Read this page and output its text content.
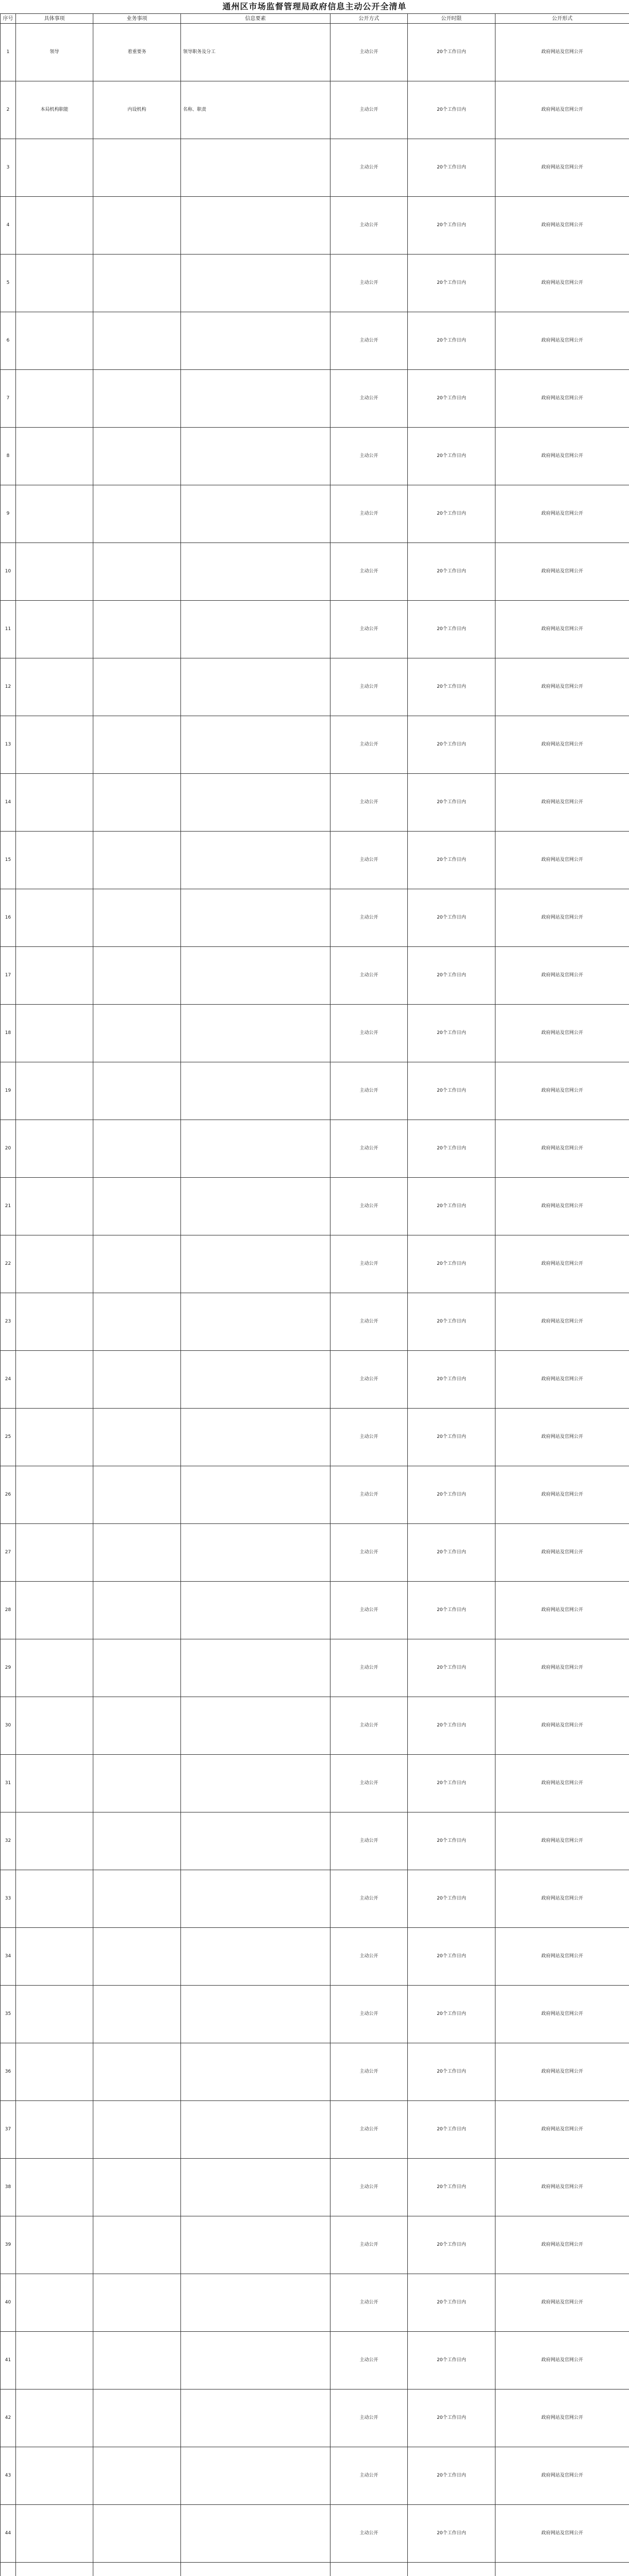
通州区市场监督管理局政府信息主动公开全清单
序号	具体事项	业务事项	信息要素	公开方式	公开时限	公开形式
1	领导	着重要务	领导职务及分工	主动公开	20个工作日内	政府网站及官网公开
2	本局机构职能	内设机构	名称、职责	主动公开	20个工作日内	政府网站及官网公开
3				主动公开	20个工作日内	政府网站及官网公开
4				主动公开	20个工作日内	政府网站及官网公开
5				主动公开	20个工作日内	政府网站及官网公开
6				主动公开	20个工作日内	政府网站及官网公开
7				主动公开	20个工作日内	政府网站及官网公开
8				主动公开	20个工作日内	政府网站及官网公开
9				主动公开	20个工作日内	政府网站及官网公开
10				主动公开	20个工作日内	政府网站及官网公开
11				主动公开	20个工作日内	政府网站及官网公开
12				主动公开	20个工作日内	政府网站及官网公开
13				主动公开	20个工作日内	政府网站及官网公开
14				主动公开	20个工作日内	政府网站及官网公开
15				主动公开	20个工作日内	政府网站及官网公开
16				主动公开	20个工作日内	政府网站及官网公开
17				主动公开	20个工作日内	政府网站及官网公开
18				主动公开	20个工作日内	政府网站及官网公开
19				主动公开	20个工作日内	政府网站及官网公开
20				主动公开	20个工作日内	政府网站及官网公开
21				主动公开	20个工作日内	政府网站及官网公开
22				主动公开	20个工作日内	政府网站及官网公开
23				主动公开	20个工作日内	政府网站及官网公开
24				主动公开	20个工作日内	政府网站及官网公开
25				主动公开	20个工作日内	政府网站及官网公开
26				主动公开	20个工作日内	政府网站及官网公开
27				主动公开	20个工作日内	政府网站及官网公开
28				主动公开	20个工作日内	政府网站及官网公开
29				主动公开	20个工作日内	政府网站及官网公开
30				主动公开	20个工作日内	政府网站及官网公开
31				主动公开	20个工作日内	政府网站及官网公开
32				主动公开	20个工作日内	政府网站及官网公开
33				主动公开	20个工作日内	政府网站及官网公开
34				主动公开	20个工作日内	政府网站及官网公开
35				主动公开	20个工作日内	政府网站及官网公开
36				主动公开	20个工作日内	政府网站及官网公开
37				主动公开	20个工作日内	政府网站及官网公开
38				主动公开	20个工作日内	政府网站及官网公开
39				主动公开	20个工作日内	政府网站及官网公开
40				主动公开	20个工作日内	政府网站及官网公开
41				主动公开	20个工作日内	政府网站及官网公开
42				主动公开	20个工作日内	政府网站及官网公开
43				主动公开	20个工作日内	政府网站及官网公开
44				主动公开	20个工作日内	政府网站及官网公开
